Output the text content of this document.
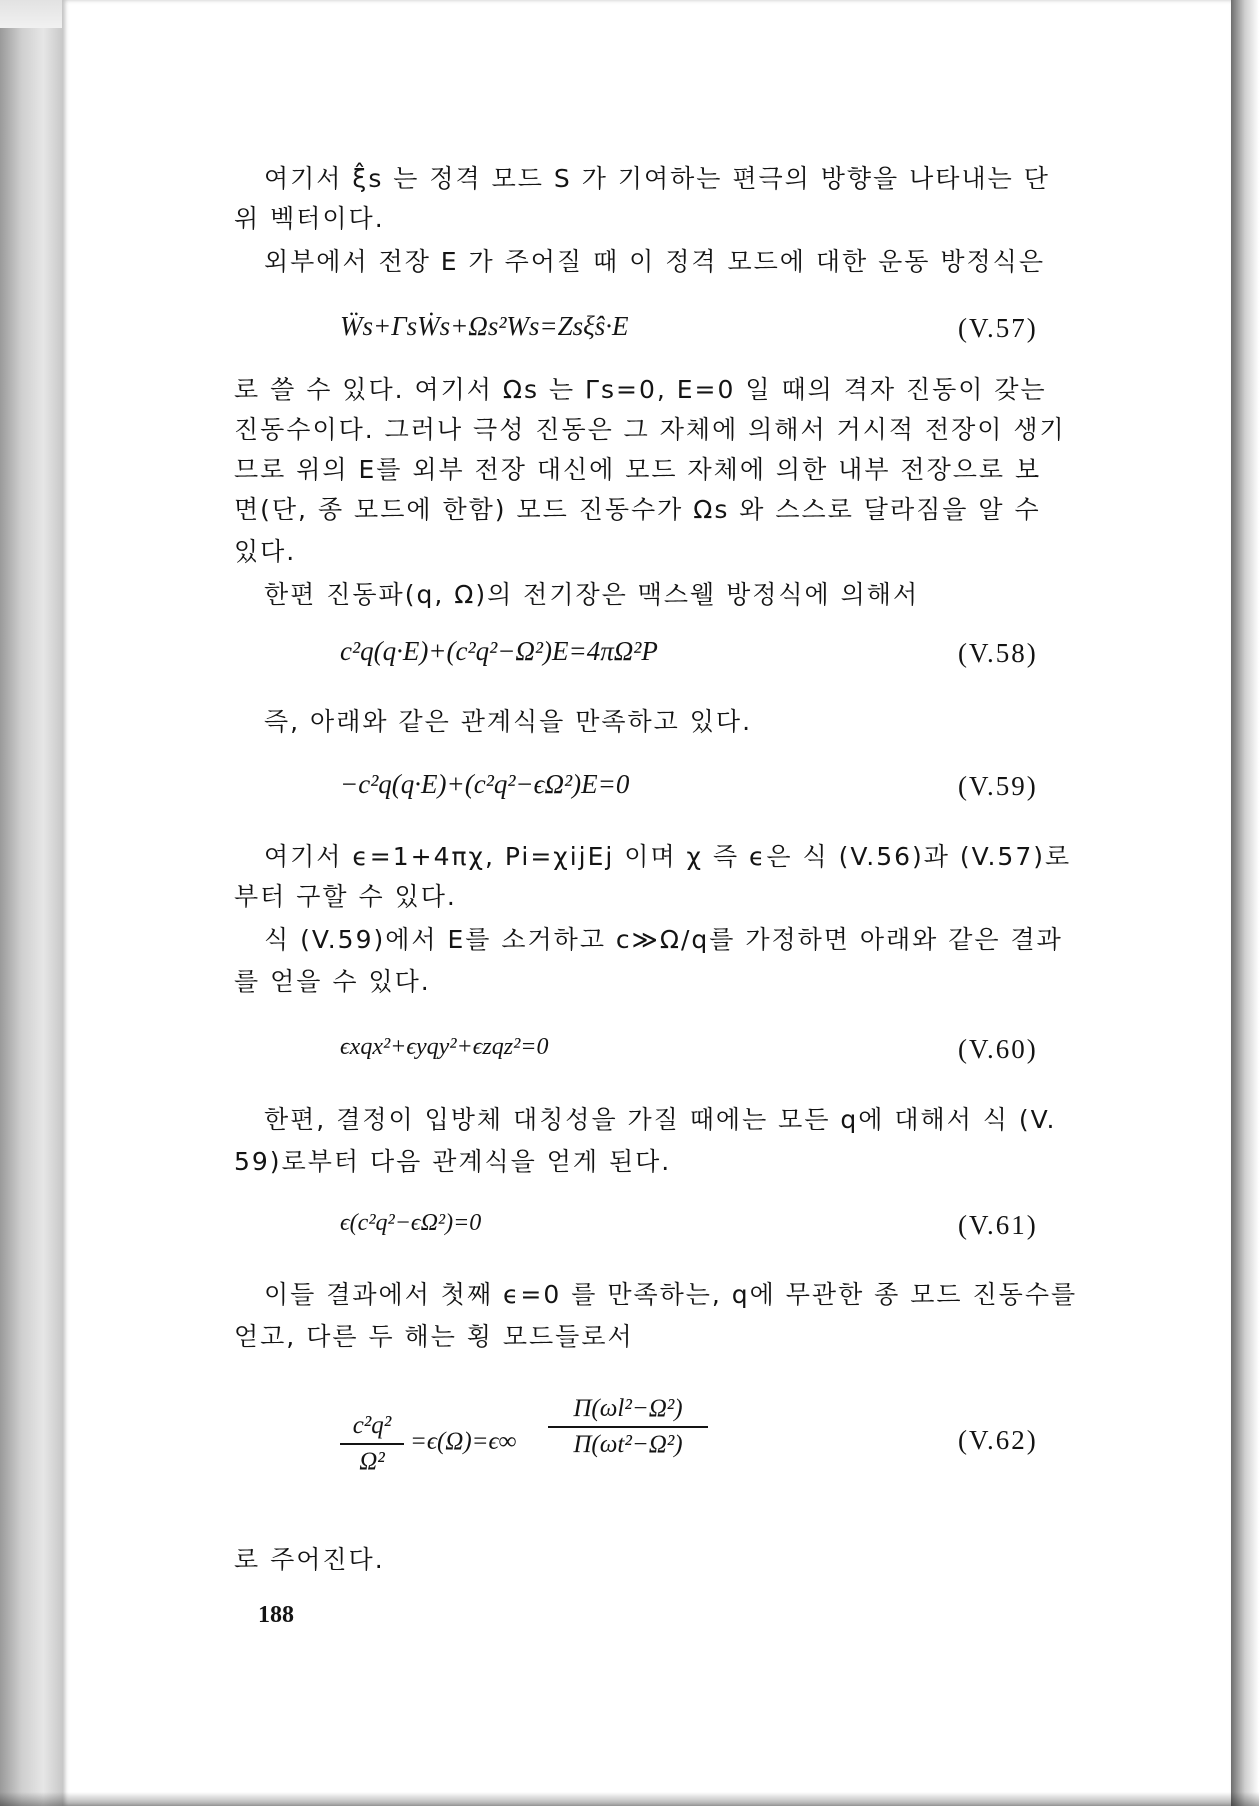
여기서 ξ̂s 는 정격 모드 S 가 기여하는 편극의 방향을 나타내는 단
위 벡터이다.
외부에서 전장 E 가 주어질 때 이 정격 모드에 대한 운동 방정식은
Ẅs+ΓsẆs+Ωs²Ws=Zsξ̂s·E	(V.57)
로 쓸 수 있다. 여기서 Ωs 는 Γs=0, E=0 일 때의 격자 진동이 갖는
진동수이다. 그러나 극성 진동은 그 자체에 의해서 거시적 전장이 생기
므로 위의 E를 외부 전장 대신에 모드 자체에 의한 내부 전장으로 보
면(단, 종 모드에 한함) 모드 진동수가 Ωs 와 스스로 달라짐을 알 수
있다.
한편 진동파(q, Ω)의 전기장은 맥스웰 방정식에 의해서
c²q(q·E)+(c²q²−Ω²)E=4πΩ²P	(V.58)
즉, 아래와 같은 관계식을 만족하고 있다.
−c²q(q·E)+(c²q²−ϵΩ²)E=0	(V.59)
여기서 ϵ=1+4πχ, Pi=χijEj 이며 χ 즉 ϵ은 식 (V.56)과 (V.57)로
부터 구할 수 있다.
식 (V.59)에서 E를 소거하고 c≫Ω/q를 가정하면 아래와 같은 결과
를 얻을 수 있다.
ϵxqx²+ϵyqy²+ϵzqz²=0	(V.60)
한편, 결정이 입방체 대칭성을 가질 때에는 모든 q에 대해서 식 (V.
59)로부터 다음 관계식을 얻게 된다.
ϵ(c²q²−ϵΩ²)=0	(V.61)
이들 결과에서 첫째 ϵ=0 를 만족하는, q에 무관한 종 모드 진동수를
얻고, 다른 두 해는 횡 모드들로서
c²q²
Ω²
=ϵ(Ω)=ϵ∞
Π(ωl²−Ω²)
Π(ωt²−Ω²)	(V.62)
로 주어진다.
188
